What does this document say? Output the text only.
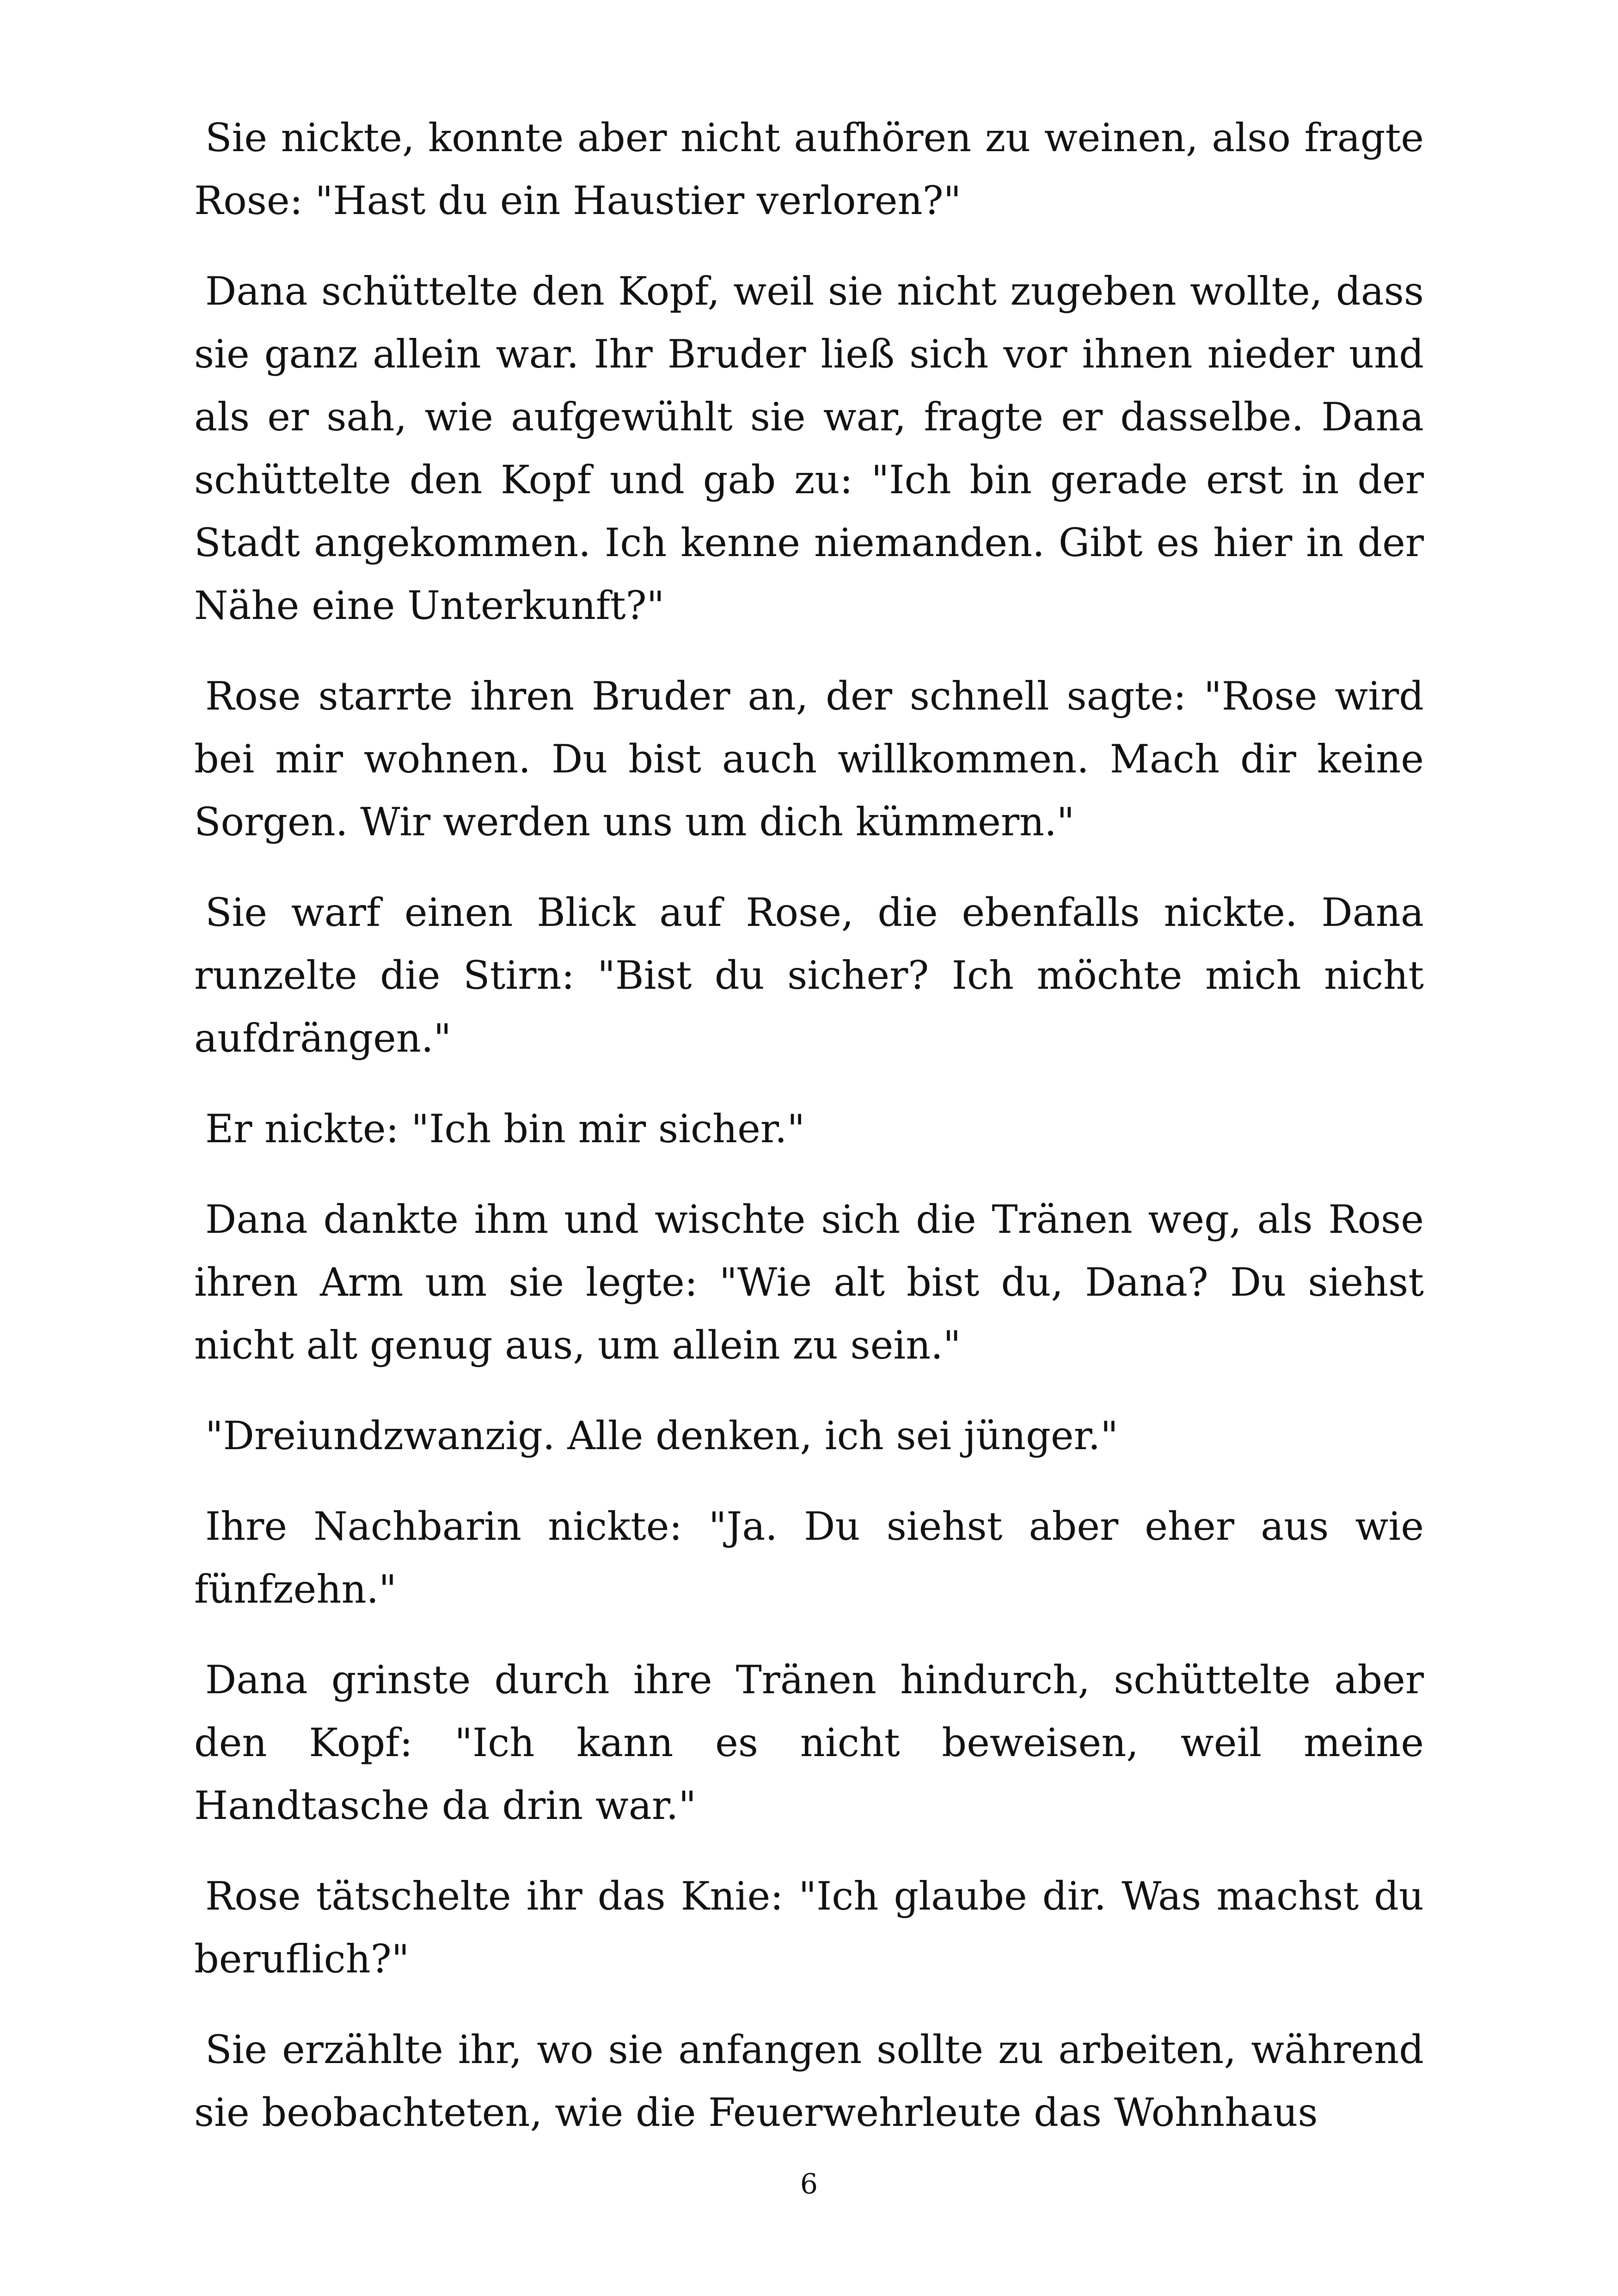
Sie nickte, konnte aber nicht aufhören zu weinen, also fragte Rose: "Hast du ein Haustier verloren?"

Dana schüttelte den Kopf, weil sie nicht zugeben wollte, dass sie ganz allein war. Ihr Bruder ließ sich vor ihnen nieder und als er sah, wie aufgewühlt sie war, fragte er dasselbe. Dana schüttelte den Kopf und gab zu: "Ich bin gerade erst in der Stadt angekommen. Ich kenne niemanden. Gibt es hier in der Nähe eine Unterkunft?"

Rose starrte ihren Bruder an, der schnell sagte: "Rose wird bei mir wohnen. Du bist auch willkommen. Mach dir keine Sorgen. Wir werden uns um dich kümmern."

Sie warf einen Blick auf Rose, die ebenfalls nickte. Dana runzelte die Stirn: "Bist du sicher? Ich möchte mich nicht aufdrängen."

Er nickte: "Ich bin mir sicher."

Dana dankte ihm und wischte sich die Tränen weg, als Rose ihren Arm um sie legte: "Wie alt bist du, Dana? Du siehst nicht alt genug aus, um allein zu sein."

"Dreiundzwanzig. Alle denken, ich sei jünger."

Ihre Nachbarin nickte: "Ja. Du siehst aber eher aus wie fünfzehn."

Dana grinste durch ihre Tränen hindurch, schüttelte aber den Kopf: "Ich kann es nicht beweisen, weil meine Handtasche da drin war."

Rose tätschelte ihr das Knie: "Ich glaube dir. Was machst du beruflich?"

Sie erzählte ihr, wo sie anfangen sollte zu arbeiten, während sie beobachteten, wie die Feuerwehrleute das Wohnhaus

6
